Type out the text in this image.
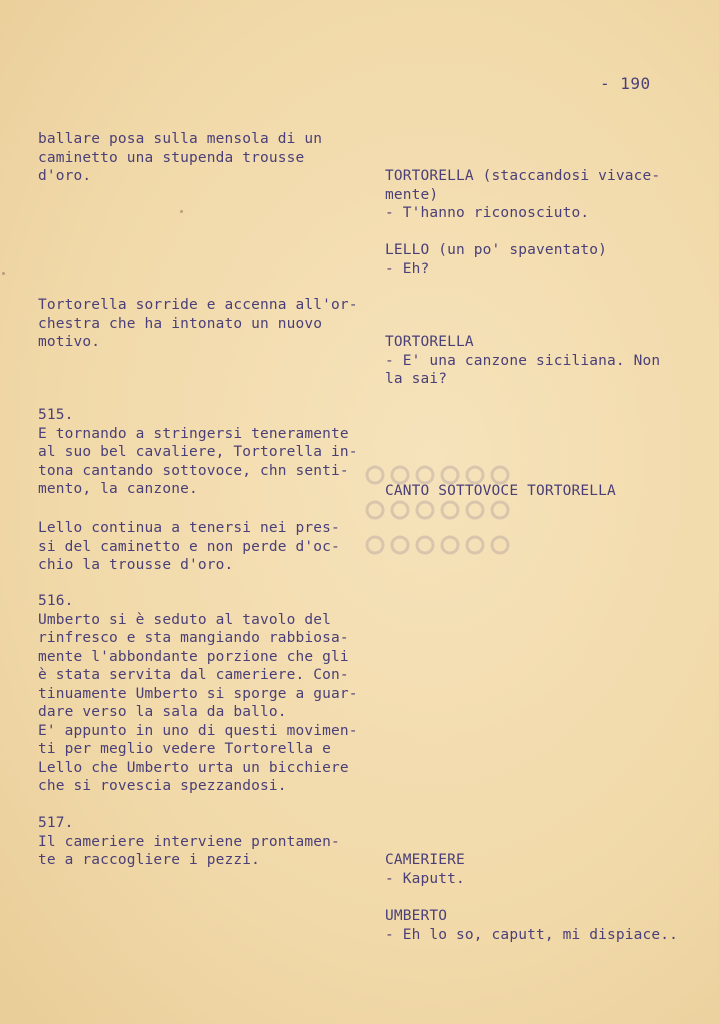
- 190
ballare posa sulla mensola di un
caminetto una stupenda trousse
d'oro.
Tortorella sorride e accenna all'or-
chestra che ha intonato un nuovo
motivo.
515.
E tornando a stringersi teneramente
al suo bel cavaliere, Tortorella in-
tona cantando sottovoce, chn senti-
mento, la canzone.
Lello continua a tenersi nei pres-
si del caminetto e non perde d'oc-
chio la trousse d'oro.
516.
Umberto si è seduto al tavolo del
rinfresco e sta mangiando rabbiosa-
mente l'abbondante porzione che gli
è stata servita dal cameriere. Con-
tinuamente Umberto si sporge a guar-
dare verso la sala da ballo.
E' appunto in uno di questi movimen-
ti per meglio vedere Tortorella e
Lello che Umberto urta un bicchiere
che si rovescia spezzandosi.
517.
Il cameriere interviene prontamen-
te a raccogliere i pezzi.
TORTORELLA (staccandosi vivace-
mente)
- T'hanno riconosciuto.
LELLO (un po' spaventato)
- Eh?
TORTORELLA
- E' una canzone siciliana. Non
la sai?
CANTO SOTTOVOCE TORTORELLA
CAMERIERE
- Kaputt.
UMBERTO
- Eh lo so, caputt, mi dispiace..
